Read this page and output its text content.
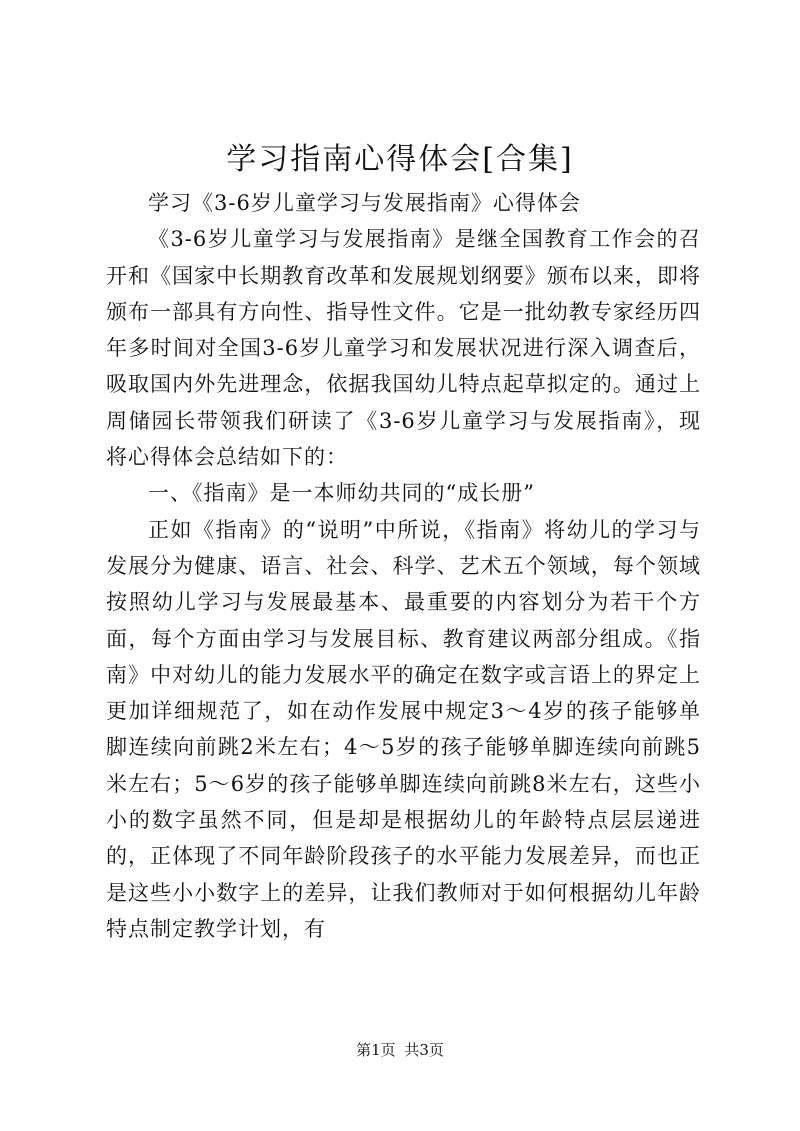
学习指南心得体会[合集]

学习《3-6岁儿童学习与发展指南》心得体会

《3-6岁儿童学习与发展指南》是继全国教育工作会的召开和《国家中长期教育改革和发展规划纲要》颁布以来，即将颁布一部具有方向性、指导性文件。它是一批幼教专家经历四年多时间对全国3-6岁儿童学习和发展状况进行深入调查后，吸取国内外先进理念，依据我国幼儿特点起草拟定的。通过上周储园长带领我们研读了《3-6岁儿童学习与发展指南》，现将心得体会总结如下的：

一、《指南》是一本师幼共同的“成长册”

正如《指南》的“说明”中所说，《指南》将幼儿的学习与发展分为健康、语言、社会、科学、艺术五个领域，每个领域按照幼儿学习与发展最基本、最重要的内容划分为若干个方面，每个方面由学习与发展目标、教育建议两部分组成。《指南》中对幼儿的能力发展水平的确定在数字或言语上的界定上更加详细规范了，如在动作发展中规定3～4岁的孩子能够单脚连续向前跳2米左右；4～5岁的孩子能够单脚连续向前跳5米左右；5～6岁的孩子能够单脚连续向前跳8米左右，这些小小的数字虽然不同，但是却是根据幼儿的年龄特点层层递进的，正体现了不同年龄阶段孩子的水平能力发展差异，而也正是这些小小数字上的差异，让我们教师对于如何根据幼儿年龄特点制定教学计划，有

第1页 共3页
